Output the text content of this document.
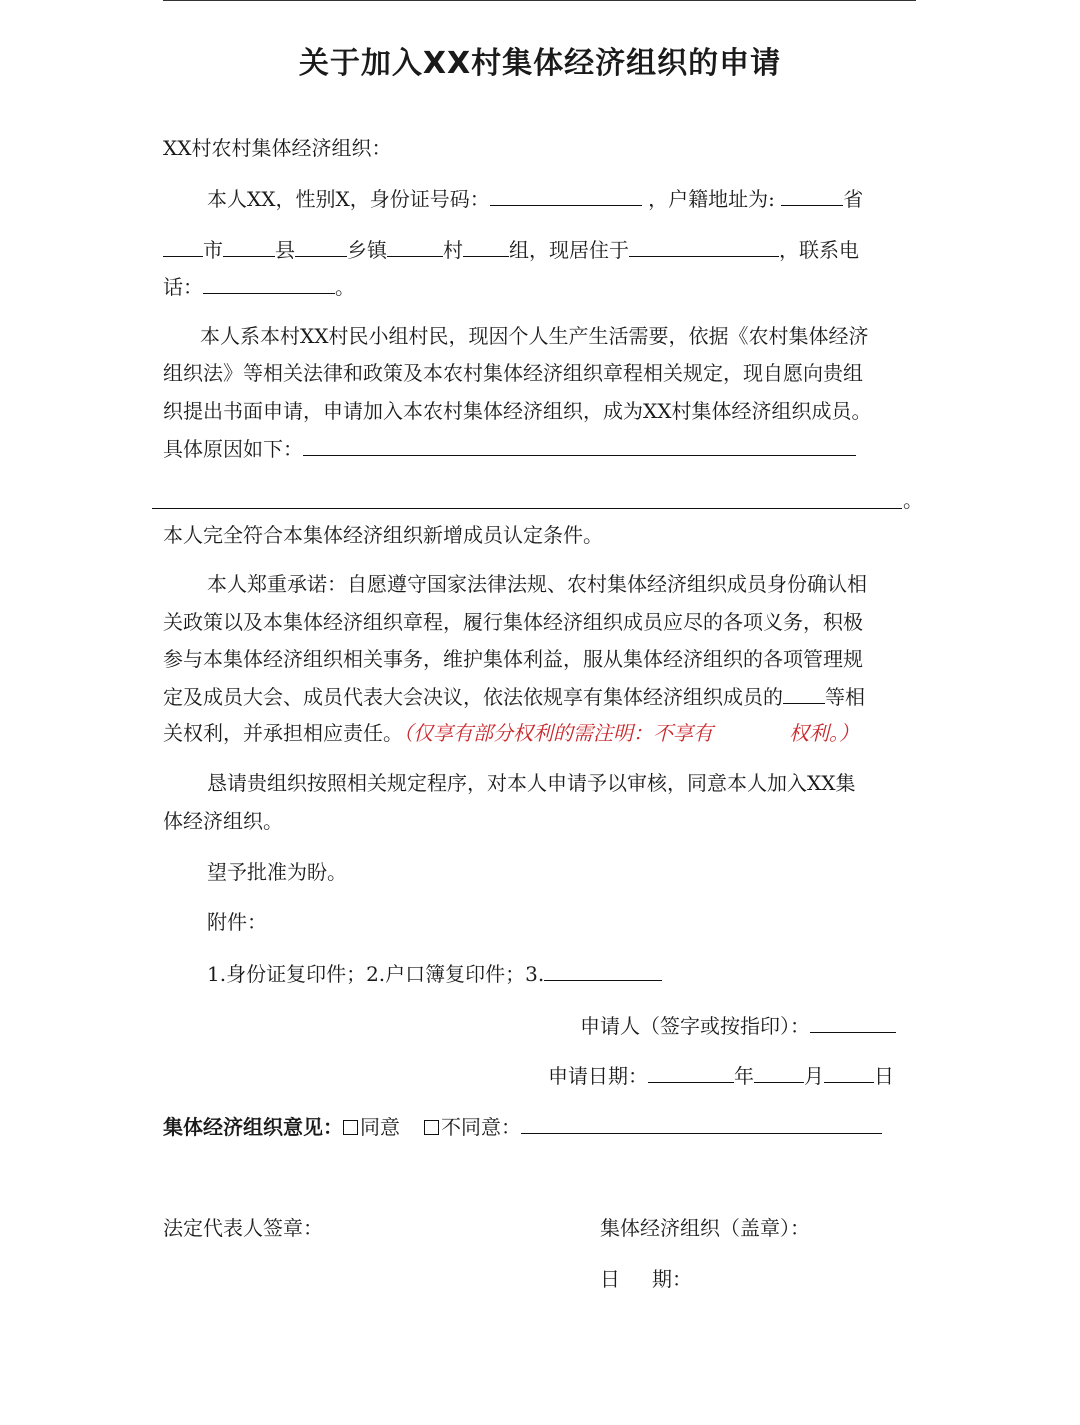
关于加入XX村集体经济组织的申请
XX村农村集体经济组织：
本人XX，性别X，身份证号码：	，户籍地址为:	省
市	县	乡镇	村 组，现居住于	，联系电
话：	。
本人系本村XX村民小组村民，现因个人生产生活需要，依据《农村集体经济
组织法》等相关法律和政策及本农村集体经济组织章程相关规定，现自愿向贵组
织提出书面申请，申请加入本农村集体经济组织，成为XX村集体经济组织成员。
具体原因如下：
。
本人完全符合本集体经济组织新增成员认定条件。
本人郑重承诺：自愿遵守国家法律法规、农村集体经济组织成员身份确认相
关政策以及本集体经济组织章程，履行集体经济组织成员应尽的各项义务，积极
参与本集体经济组织相关事务，维护集体利益，服从集体经济组织的各项管理规
定及成员大会、成员代表大会决议，依法依规享有集体经济组织成员的 等相
关权利，并承担相应责任。（仅享有部分权利的需注明：不享有	权利。）
恳请贵组织按照相关规定程序，对本人申请予以审核，同意本人加入XX集
体经济组织。
望予批准为盼。
附件：
1.身份证复印件；2.户口簿复印件；3.
申请人（签字或按指印）：
申请日期：	年	月	日
集体经济组织意见： 同意 不同意：
法定代表人签章：	集体经济组织（盖章）：
日 期：
